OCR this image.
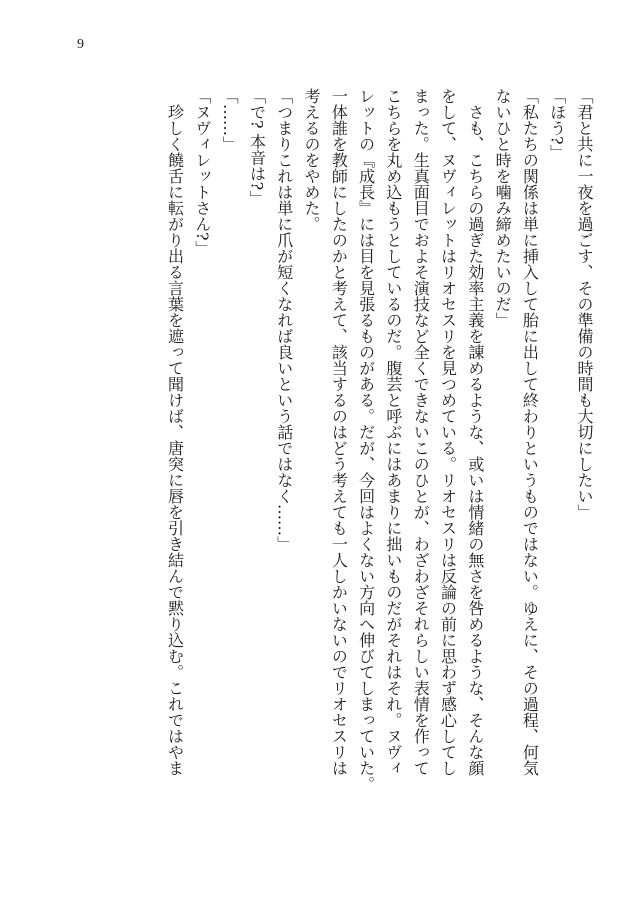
9

「君と共に一夜を過ごす、その準備の時間も大切にしたい」

「ほう?」

「私たちの関係は単に挿入して胎に出して終わりというものではない。ゆえに、その過程、何気

ないひと時を噛み締めたいのだ」

さも、こちらの過ぎた効率主義を諌めるような、或いは情緒の無さを咎めるような、そんな顔

をして、ヌヴィレットはリオセスリを見つめている。リオセスリは反論の前に思わず感心してし

まった。生真面目でおよそ演技など全くできないこのひとが、わざわざそれらしい表情を作って

こちらを丸め込もうとしているのだ。腹芸と呼ぶにはあまりに拙いものだがそれはそれ。ヌヴィ

レットの『成長』には目を見張るものがある。だが、今回はよくない方向へ伸びてしまっていた。

一体誰を教師にしたのかと考えて、該当するのはどう考えても一人しかいないのでリオセスリは

考えるのをやめた。

「つまりこれは単に爪が短くなれば良いという話ではなく……」

「で? 本音は?」

「……」

「ヌヴィレットさん?」

珍しく饒舌に転がり出る言葉を遮って聞けば、唐突に唇を引き結んで黙り込む。これではやま
